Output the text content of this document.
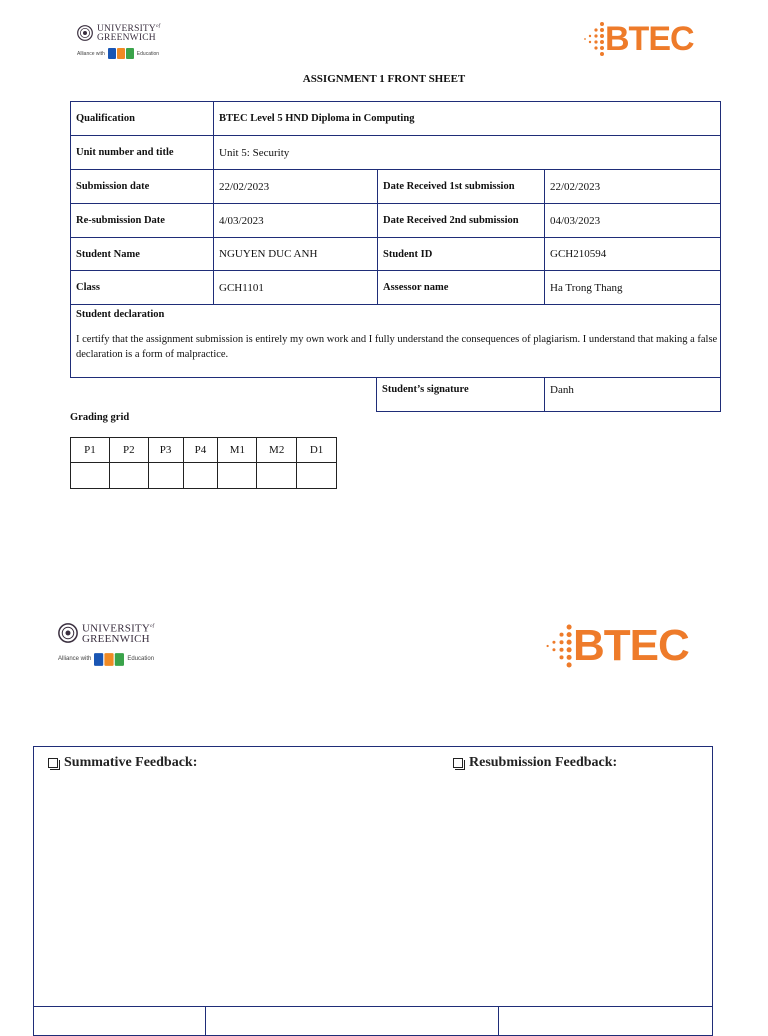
$UNIVERSITY^{of}$
GREENWICH
Alliance with	Education	BTEC
ASSIGNMENT 1 FRONT SHEET
Qualification	BTEC Level 5 HND Diploma in Computing
Unit number and title	Unit 5: Security
Submission date	22/02/2023	Date Received 1st submission	22/02/2023
Re-submission Date	4/03/2023	Date Received 2nd submission	04/03/2023
Student Name	NGUYEN DUC ANH	Student ID	GCH210594
Class	GCH1101	Assessor name	Ha Trong Thang
Student declaration
I certify that the assignment submission is entirely my own work and I fully understand the consequences of plagiarism. I understand that making a false declaration is a form of malpractice.
Student’s signature	Danh
Grading grid
P1	P2	P3	P4	M1	M2	D1

$UNIVERSITY^{of}$
GREENWICH
Alliance with	Education	BTEC
Summative Feedback:	Resubmission Feedback:
